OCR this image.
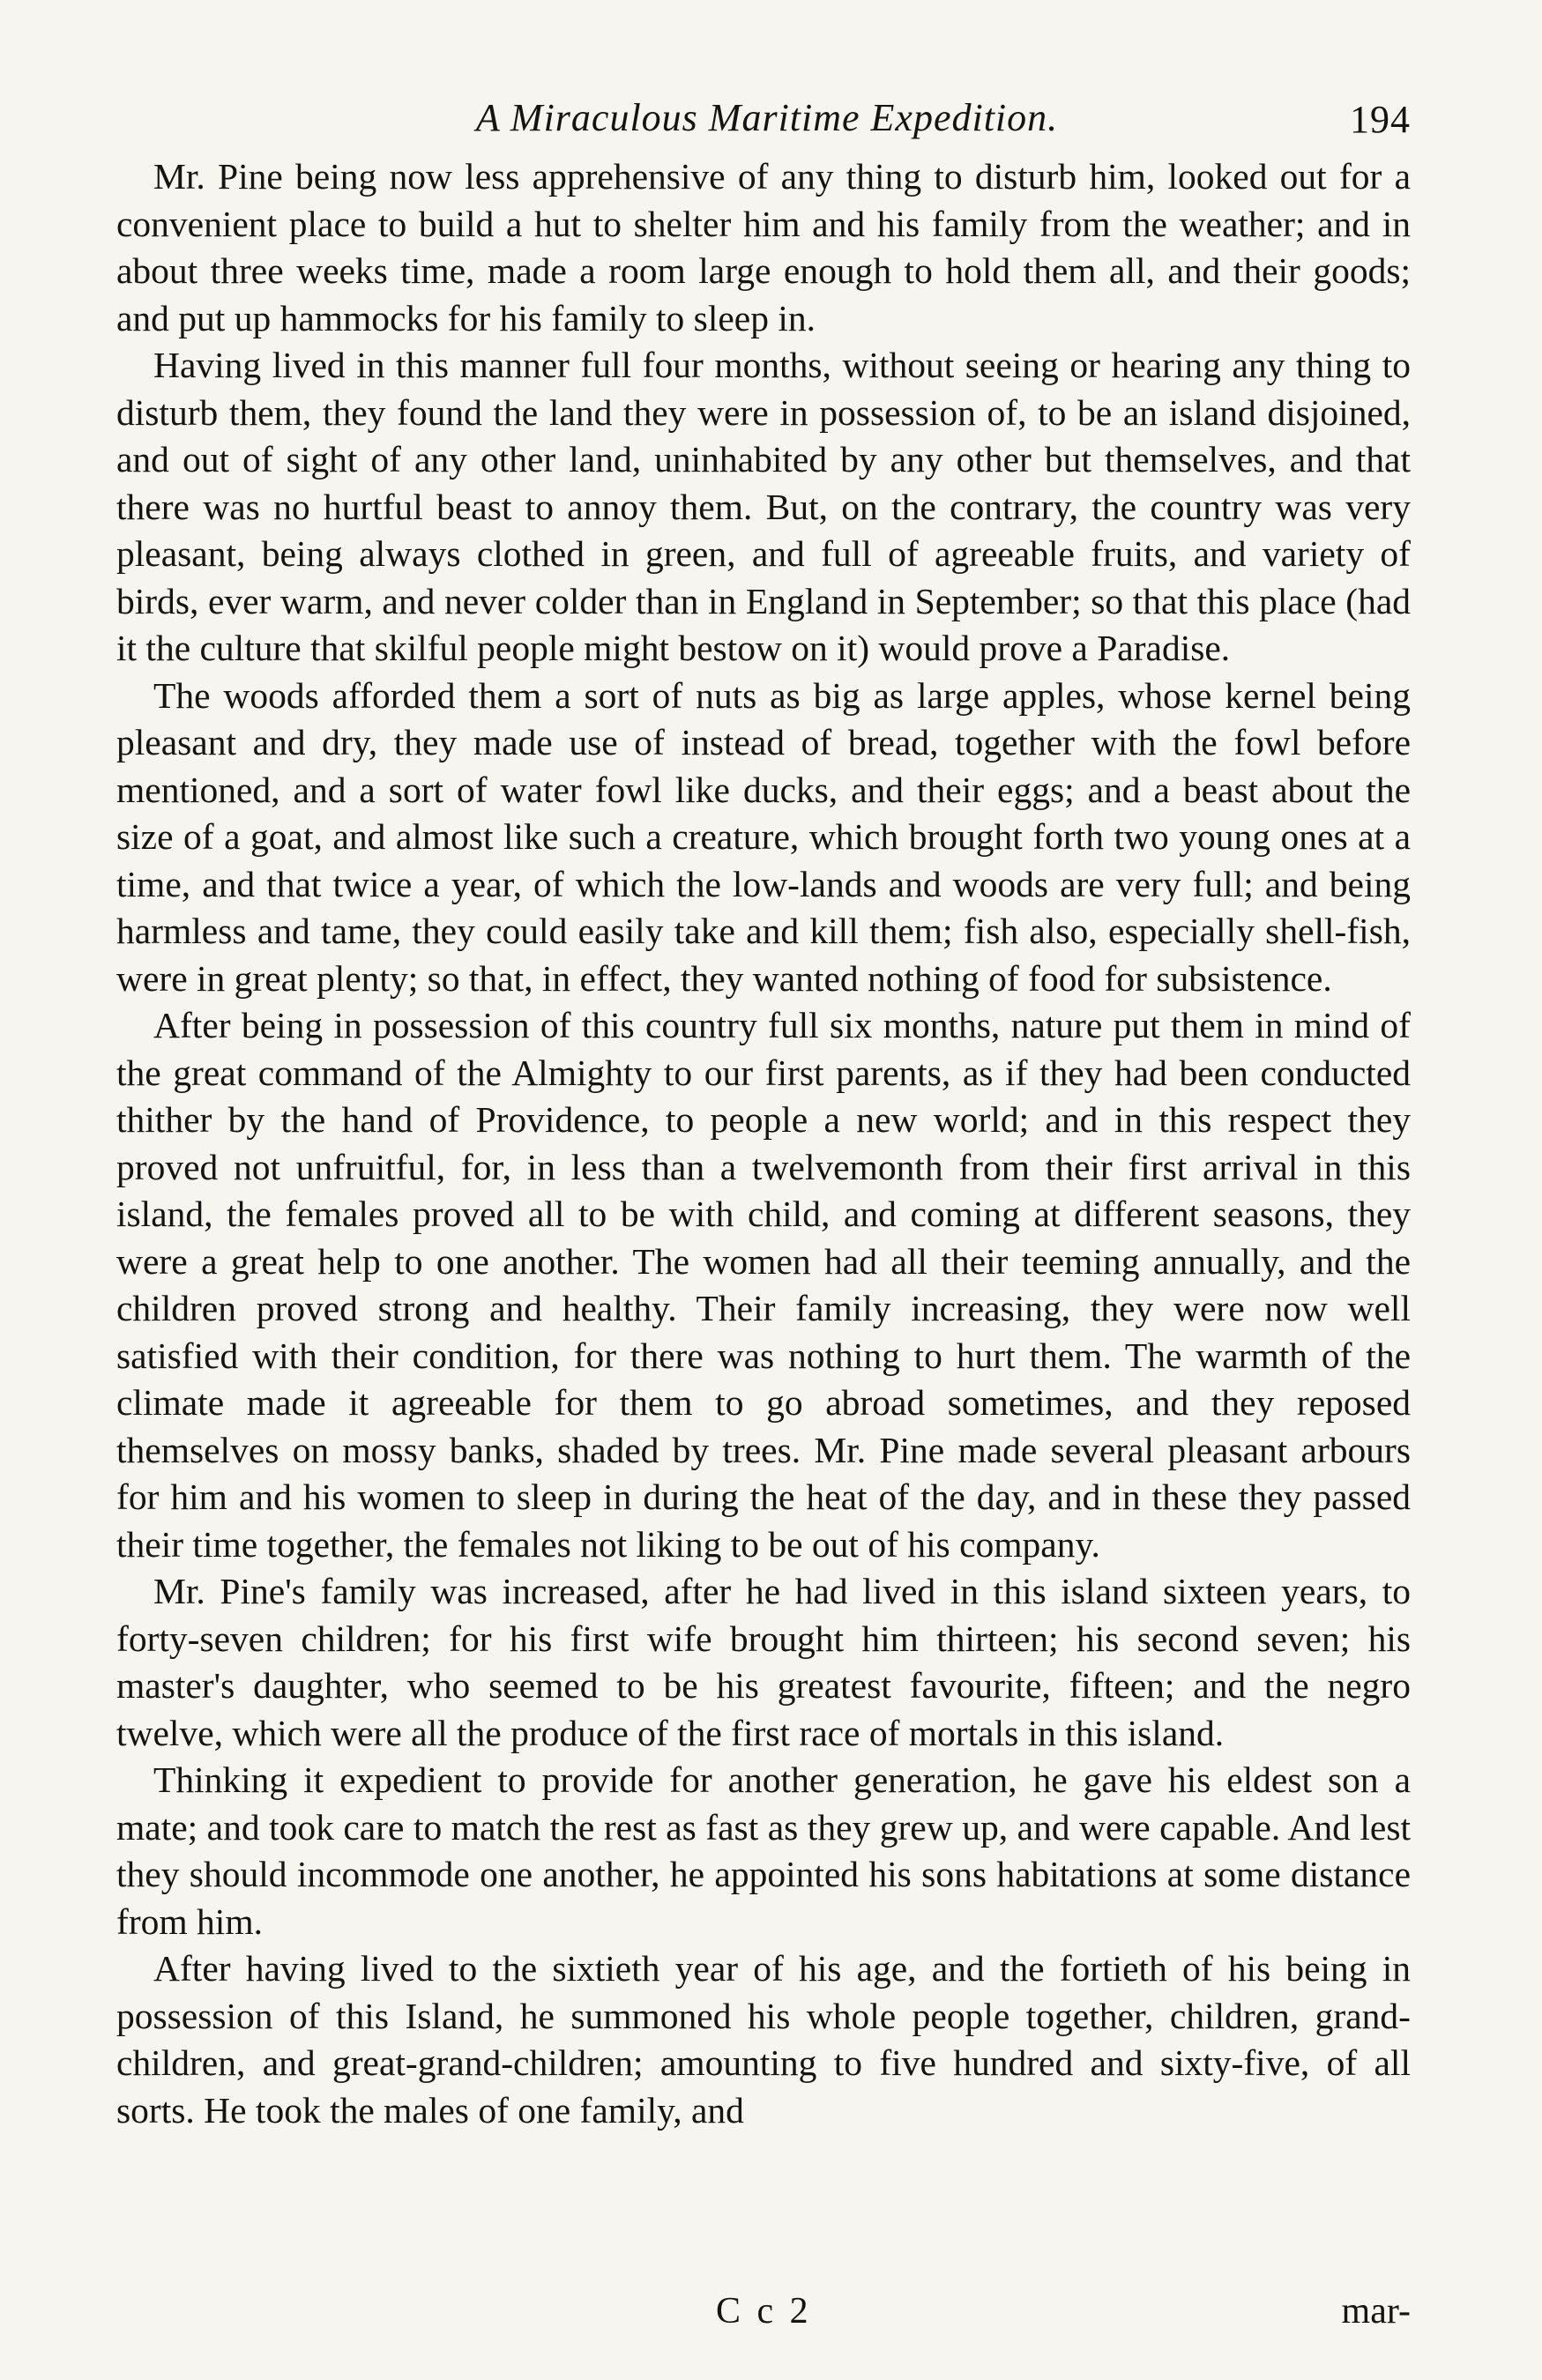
A Miraculous Maritime Expedition.	194

Mr. Pine being now less apprehensive of any thing to disturb him, looked out for a convenient place to build a hut to shelter him and his family from the weather; and in about three weeks time, made a room large enough to hold them all, and their goods; and put up hammocks for his family to sleep in.

Having lived in this manner full four months, without seeing or hearing any thing to disturb them, they found the land they were in possession of, to be an island disjoined, and out of sight of any other land, uninhabited by any other but themselves, and that there was no hurtful beast to annoy them. But, on the contrary, the country was very pleasant, being always clothed in green, and full of agreeable fruits, and variety of birds, ever warm, and never colder than in England in September; so that this place (had it the culture that skilful people might bestow on it) would prove a Paradise.

The woods afforded them a sort of nuts as big as large apples, whose kernel being pleasant and dry, they made use of instead of bread, together with the fowl before mentioned, and a sort of water fowl like ducks, and their eggs; and a beast about the size of a goat, and almost like such a creature, which brought forth two young ones at a time, and that twice a year, of which the low-lands and woods are very full; and being harmless and tame, they could easily take and kill them; fish also, especially shell-fish, were in great plenty; so that, in effect, they wanted nothing of food for subsistence.

After being in possession of this country full six months, nature put them in mind of the great command of the Almighty to our first parents, as if they had been conducted thither by the hand of Providence, to people a new world; and in this respect they proved not unfruitful, for, in less than a twelvemonth from their first arrival in this island, the females proved all to be with child, and coming at different seasons, they were a great help to one another. The women had all their teeming annually, and the children proved strong and healthy. Their family increasing, they were now well satisfied with their condition, for there was nothing to hurt them. The warmth of the climate made it agreeable for them to go abroad sometimes, and they reposed themselves on mossy banks, shaded by trees. Mr. Pine made several pleasant arbours for him and his women to sleep in during the heat of the day, and in these they passed their time together, the females not liking to be out of his company.

Mr. Pine's family was increased, after he had lived in this island sixteen years, to forty-seven children; for his first wife brought him thirteen; his second seven; his master's daughter, who seemed to be his greatest favourite, fifteen; and the negro twelve, which were all the produce of the first race of mortals in this island.

Thinking it expedient to provide for another generation, he gave his eldest son a mate; and took care to match the rest as fast as they grew up, and were capable. And lest they should incommode one another, he appointed his sons habitations at some distance from him.

After having lived to the sixtieth year of his age, and the fortieth of his being in possession of this Island, he summoned his whole people together, children, grand-children, and great-grand-children; amounting to five hundred and sixty-five, of all sorts. He took the males of one family, and

C c 2	mar-
